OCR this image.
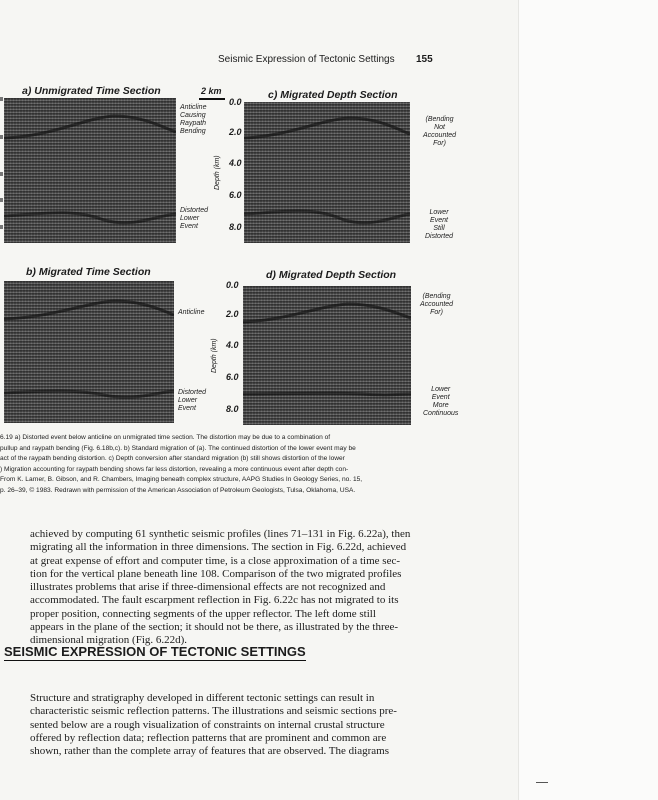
Seismic Expression of Tectonic Settings 155
a) Unmigrated Time Section	c) Migrated Depth Section
b) Migrated Time Section	d) Migrated Depth Section
2 km
0.0
2.0
4.0
6.0
8.0
Depth (km)
0.0
2.0
4.0
6.0
8.0
Depth (km)
Anticline
Causing
Raypath
Bending
Distorted
Lower
Event
Anticline
Distorted
Lower
Event
(Bending
Not
Accounted
For)
Lower
Event
Still
Distorted
(Bending
Accounted
For)
Lower
Event
More
Continuous

6.19 a) Distorted event below anticline on unmigrated time section. The distortion may be due to a combination of

pullup and raypath bending (Fig. 6.18b,c). b) Standard migration of (a). The continued distortion of the lower event may be

act of the raypath bending distortion. c) Depth conversion after standard migration (b) still shows distortion of the lower

) Migration accounting for raypath bending shows far less distortion, revealing a more continuous event after depth con-

From K. Larner, B. Gibson, and R. Chambers, Imaging beneath complex structure, AAPG Studies In Geology Series, no. 15,

p. 26–39, © 1983. Redrawn with permission of the American Association of Petroleum Geologists, Tulsa, Oklahoma, USA.

achieved by computing 61 synthetic seismic profiles (lines 71–131 in Fig. 6.22a), then

migrating all the information in three dimensions. The section in Fig. 6.22d, achieved

at great expense of effort and computer time, is a close approximation of a time sec-

tion for the vertical plane beneath line 108. Comparison of the two migrated profiles

illustrates problems that arise if three-dimensional effects are not recognized and

accommodated. The fault escarpment reflection in Fig. 6.22c has not migrated to its

proper position, connecting segments of the upper reflector. The left dome still

appears in the plane of the section; it should not be there, as illustrated by the three-

dimensional migration (Fig. 6.22d).

SEISMIC EXPRESSION OF TECTONIC SETTINGS

Structure and stratigraphy developed in different tectonic settings can result in

characteristic seismic reflection patterns. The illustrations and seismic sections pre-

sented below are a rough visualization of constraints on internal crustal structure

offered by reflection data; reflection patterns that are prominent and common are

shown, rather than the complete array of features that are observed. The diagrams
